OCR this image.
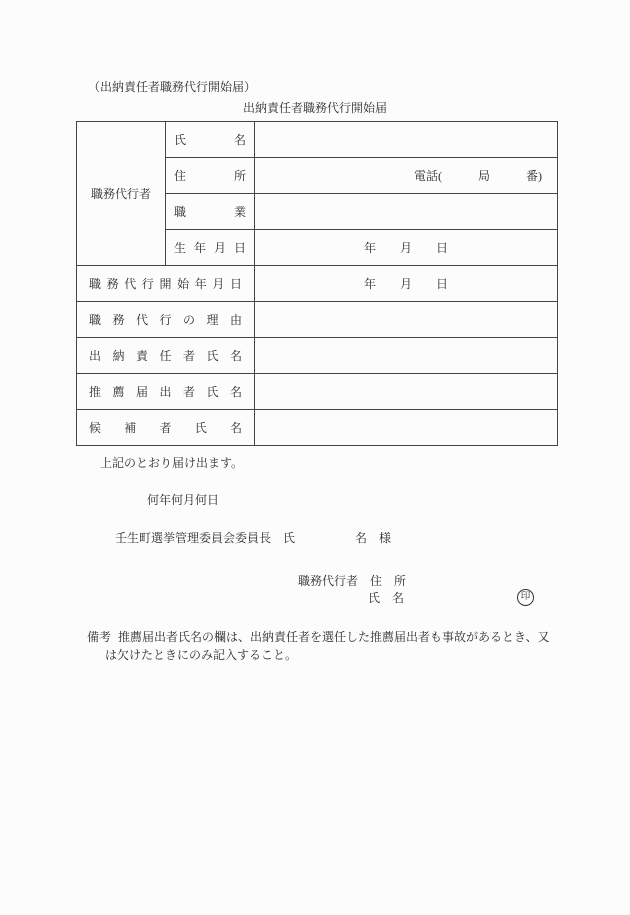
（出納責任者職務代行開始届）
出納責任者職務代行開始届
職務代行者	氏名	
	住所	電話(　　　局　　　番)
	職業	
	生年月日	年　　月　　日
職務代行開始年月日		年　　月　　日
職務代行の理由		
出納責任者氏名		
推薦届出者氏名		
候補者氏名		
上記のとおり届け出ます。
何年何月何日
壬生町選挙管理委員会委員長　氏　　　　　名　様
職務代行者　住　所
氏　名	印
備考 推薦届出者氏名の欄は、出納責任者を選任した推薦届出者も事故があるとき、又
は欠けたときにのみ記入すること。
